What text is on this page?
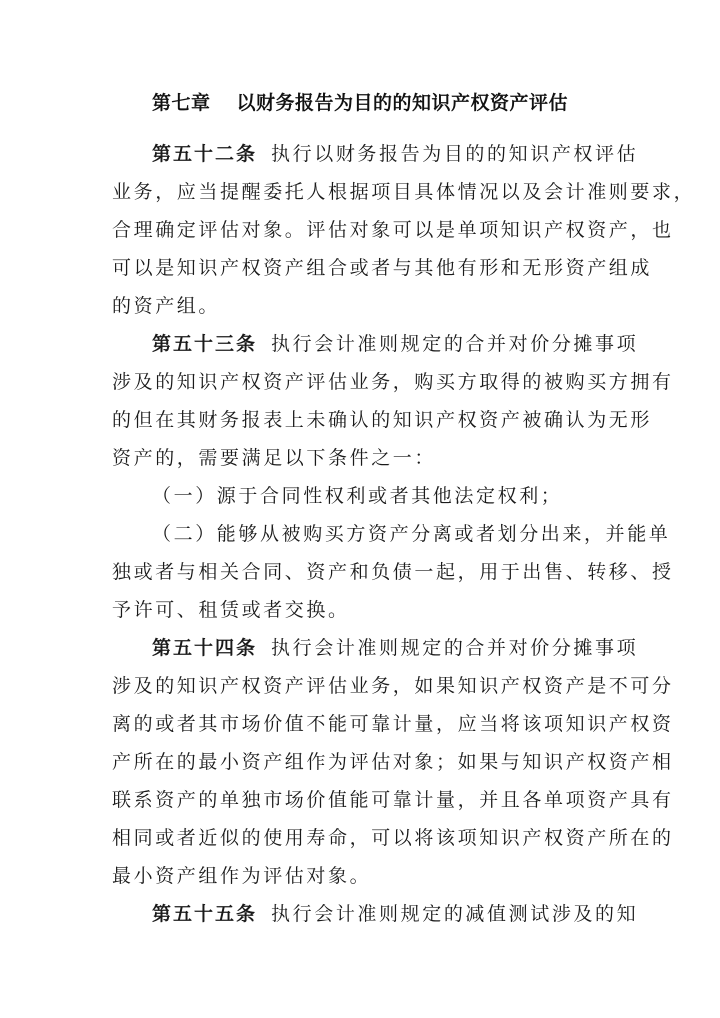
第七章 以财务报告为目的的知识产权资产评估
第五十二条 执行以财务报告为目的的知识产权评估
业务，应当提醒委托人根据项目具体情况以及会计准则要求，
合理确定评估对象。评估对象可以是单项知识产权资产，也
可以是知识产权资产组合或者与其他有形和无形资产组成
的资产组。
第五十三条 执行会计准则规定的合并对价分摊事项
涉及的知识产权资产评估业务，购买方取得的被购买方拥有
的但在其财务报表上未确认的知识产权资产被确认为无形
资产的，需要满足以下条件之一：
（一）源于合同性权利或者其他法定权利；
（二）能够从被购买方资产分离或者划分出来，并能单
独或者与相关合同、资产和负债一起，用于出售、转移、授
予许可、租赁或者交换。
第五十四条 执行会计准则规定的合并对价分摊事项
涉及的知识产权资产评估业务，如果知识产权资产是不可分
离的或者其市场价值不能可靠计量，应当将该项知识产权资
产所在的最小资产组作为评估对象；如果与知识产权资产相
联系资产的单独市场价值能可靠计量，并且各单项资产具有
相同或者近似的使用寿命，可以将该项知识产权资产所在的
最小资产组作为评估对象。
第五十五条 执行会计准则规定的减值测试涉及的知
